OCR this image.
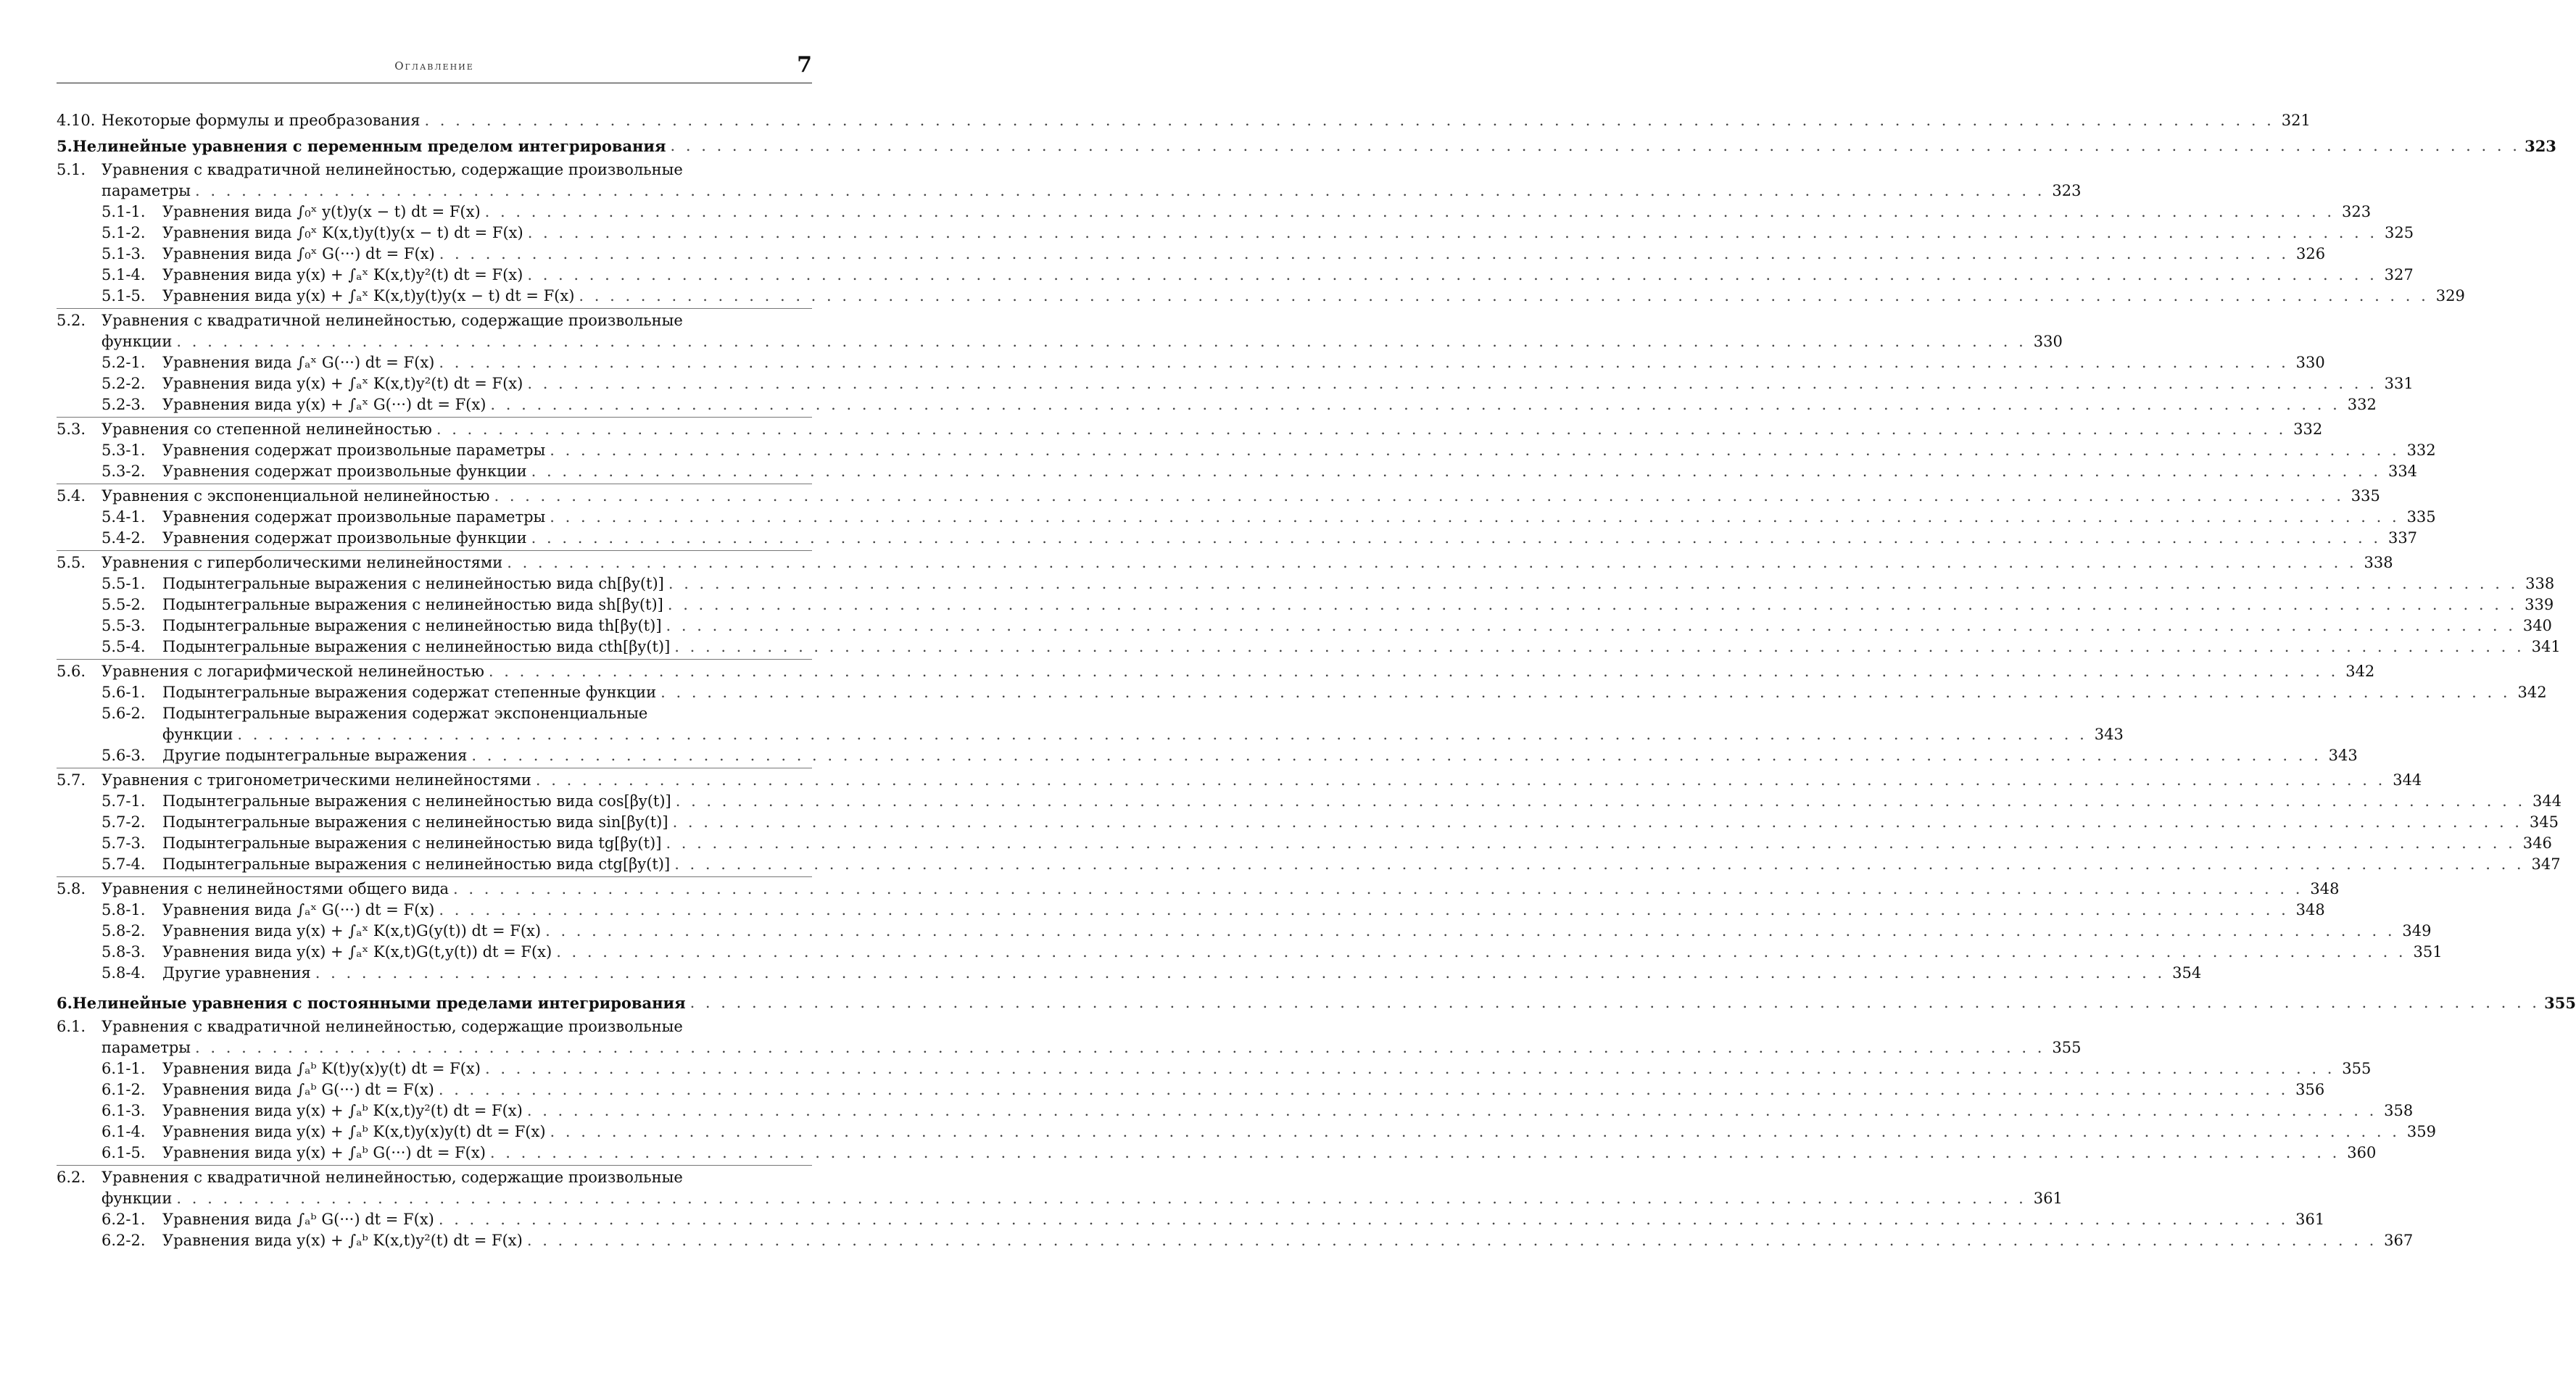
Оглавление	7
4.10. Некоторые формулы и преобразования
. . .	321
5. Нелинейные уравнения с переменным пределом интегрирования
. . .	323
5.1.	Уравнения с квадратичной нелинейностью, содержащие произвольные
параметры
. . .	323
5.1-1.	Уравнения вида ∫₀ˣ y(t)y(x − t) dt = F(x)
. . .	323
5.1-2.	Уравнения вида ∫₀ˣ K(x,t)y(t)y(x − t) dt = F(x)
. . .	325
5.1-3.	Уравнения вида ∫₀ˣ G(···) dt = F(x)
. . .	326
5.1-4.	Уравнения вида y(x) + ∫ₐˣ K(x,t)y²(t) dt = F(x)
. . .	327
5.1-5.	Уравнения вида y(x) + ∫ₐˣ K(x,t)y(t)y(x − t) dt = F(x)
. . .	329
5.2.	Уравнения с квадратичной нелинейностью, содержащие произвольные
функции
. . .	330
5.2-1.	Уравнения вида ∫ₐˣ G(···) dt = F(x)
. . .	330
5.2-2.	Уравнения вида y(x) + ∫ₐˣ K(x,t)y²(t) dt = F(x)
. . .	331
5.2-3.	Уравнения вида y(x) + ∫ₐˣ G(···) dt = F(x)
. . .	332
5.3.	Уравнения со степенной нелинейностью
. . .	332
5.3-1.	Уравнения содержат произвольные параметры
. . .	332
5.3-2.	Уравнения содержат произвольные функции
. . .	334
5.4.	Уравнения с экспоненциальной нелинейностью
. . .	335
5.4-1.	Уравнения содержат произвольные параметры
. . .	335
5.4-2.	Уравнения содержат произвольные функции
. . .	337
5.5.	Уравнения с гиперболическими нелинейностями
. . .	338
5.5-1.	Подынтегральные выражения с нелинейностью вида ch[βy(t)]
. . .	338
5.5-2.	Подынтегральные выражения с нелинейностью вида sh[βy(t)]
. . .	339
5.5-3.	Подынтегральные выражения с нелинейностью вида th[βy(t)]
. . .	340
5.5-4.	Подынтегральные выражения с нелинейностью вида cth[βy(t)]
. . .	341
5.6.	Уравнения с логарифмической нелинейностью
. . .	342
5.6-1.	Подынтегральные выражения содержат степенные функции
. . .	342
5.6-2.	Подынтегральные выражения содержат экспоненциальные
функции
. . .	343
5.6-3.	Другие подынтегральные выражения
. . .	343
5.7.	Уравнения с тригонометрическими нелинейностями
. . .	344
5.7-1.	Подынтегральные выражения с нелинейностью вида cos[βy(t)]
. . .	344
5.7-2.	Подынтегральные выражения с нелинейностью вида sin[βy(t)]
. . .	345
5.7-3.	Подынтегральные выражения с нелинейностью вида tg[βy(t)]
. . .	346
5.7-4.	Подынтегральные выражения с нелинейностью вида ctg[βy(t)]
. . .	347
5.8.	Уравнения с нелинейностями общего вида
. . .	348
5.8-1.	Уравнения вида ∫ₐˣ G(···) dt = F(x)
. . .	348
5.8-2.	Уравнения вида y(x) + ∫ₐˣ K(x,t)G(y(t)) dt = F(x)
. . .	349
5.8-3.	Уравнения вида y(x) + ∫ₐˣ K(x,t)G(t,y(t)) dt = F(x)
. . .	351
5.8-4.	Другие уравнения
. . .	354
6. Нелинейные уравнения с постоянными пределами интегрирования
. . .	355
6.1.	Уравнения с квадратичной нелинейностью, содержащие произвольные
параметры
. . .	355
6.1-1.	Уравнения вида ∫ₐᵇ K(t)y(x)y(t) dt = F(x)
. . .	355
6.1-2.	Уравнения вида ∫ₐᵇ G(···) dt = F(x)
. . .	356
6.1-3.	Уравнения вида y(x) + ∫ₐᵇ K(x,t)y²(t) dt = F(x)
. . .	358
6.1-4.	Уравнения вида y(x) + ∫ₐᵇ K(x,t)y(x)y(t) dt = F(x)
. . .	359
6.1-5.	Уравнения вида y(x) + ∫ₐᵇ G(···) dt = F(x)
. . .	360
6.2.	Уравнения с квадратичной нелинейностью, содержащие произвольные
функции
. . .	361
6.2-1.	Уравнения вида ∫ₐᵇ G(···) dt = F(x)
. . .	361
6.2-2.	Уравнения вида y(x) + ∫ₐᵇ K(x,t)y²(t) dt = F(x)
. . .	367
